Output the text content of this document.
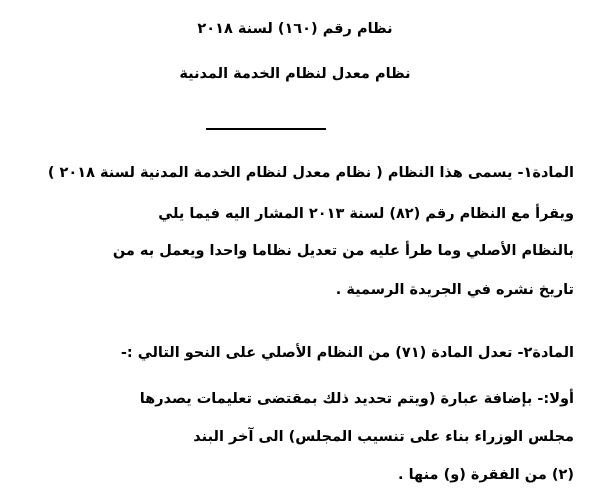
نظام رقم (١٦٠) لسنة ٢٠١٨
نظام معدل لنظام الخدمة المدنية
المادة١- يسمى هذا النظام ( نظام معدل لنظام الخدمة المدنية لسنة ٢٠١٨ )
ويقرأ مع النظام رقم (٨٢) لسنة ٢٠١٣ المشار اليه فيما يلي
بالنظام الأصلي وما طرأ عليه من تعديل نظاما واحدا ويعمل به من
تاريخ نشره في الجريدة الرسمية .
المادة٢- تعدل المادة (٧١) من النظام الأصلي على النحو التالي :-
أولا:- بإضافة عبارة (ويتم تحديد ذلك بمقتضى تعليمات يصدرها
مجلس الوزراء بناء على تنسيب المجلس) الى آخر البند
(٢) من الفقرة (و) منها .
